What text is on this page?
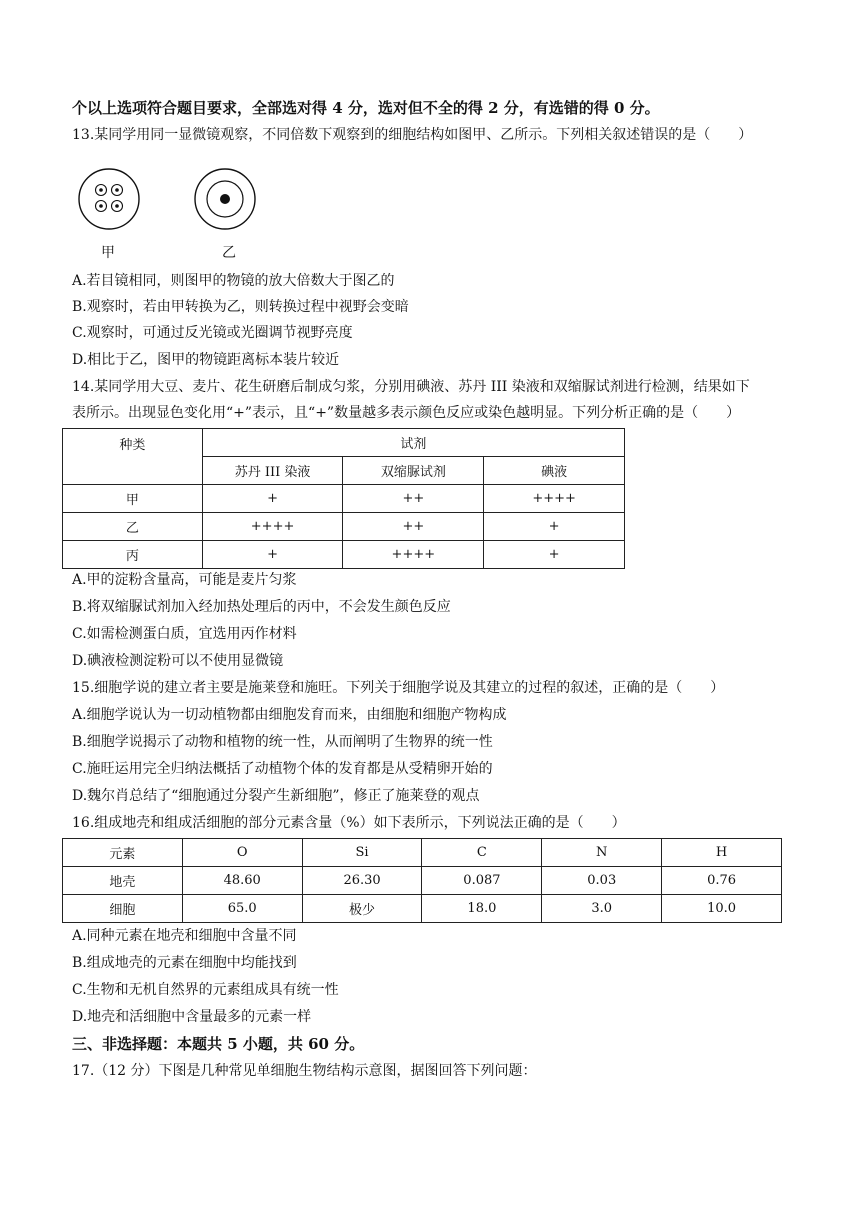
个以上选项符合题目要求，全部选对得 4 分，选对但不全的得 2 分，有选错的得 0 分。
13.某同学用同一显微镜观察，不同倍数下观察到的细胞结构如图甲、乙所示。下列相关叙述错误的是（　　）
甲	乙
A.若目镜相同，则图甲的物镜的放大倍数大于图乙的
B.观察时，若由甲转换为乙，则转换过程中视野会变暗
C.观察时，可通过反光镜或光圈调节视野亮度
D.相比于乙，图甲的物镜距离标本装片较近
14.某同学用大豆、麦片、花生研磨后制成匀浆，分别用碘液、苏丹 III 染液和双缩脲试剂进行检测，结果如下
表所示。出现显色变化用“+”表示，且“+”数量越多表示颜色反应或染色越明显。下列分析正确的是（　　）
种类	试剂		
	苏丹 III 染液	双缩脲试剂	碘液
甲	+	++	++++
乙	++++	++	+
丙	+	++++	+
A.甲的淀粉含量高，可能是麦片匀浆
B.将双缩脲试剂加入经加热处理后的丙中，不会发生颜色反应
C.如需检测蛋白质，宜选用丙作材料
D.碘液检测淀粉可以不使用显微镜
15.细胞学说的建立者主要是施莱登和施旺。下列关于细胞学说及其建立的过程的叙述，正确的是（　　）
A.细胞学说认为一切动植物都由细胞发育而来，由细胞和细胞产物构成
B.细胞学说揭示了动物和植物的统一性，从而阐明了生物界的统一性
C.施旺运用完全归纳法概括了动植物个体的发育都是从受精卵开始的
D.魏尔肖总结了“细胞通过分裂产生新细胞”，修正了施莱登的观点
16.组成地壳和组成活细胞的部分元素含量（%）如下表所示，下列说法正确的是（　　）
元素	O	Si	C	N	H
地壳	48.60	26.30	0.087	0.03	0.76
细胞	65.0	极少	18.0	3.0	10.0
A.同种元素在地壳和细胞中含量不同
B.组成地壳的元素在细胞中均能找到
C.生物和无机自然界的元素组成具有统一性
D.地壳和活细胞中含量最多的元素一样
三、非选择题：本题共 5 小题，共 60 分。
17.（12 分）下图是几种常见单细胞生物结构示意图，据图回答下列问题：
